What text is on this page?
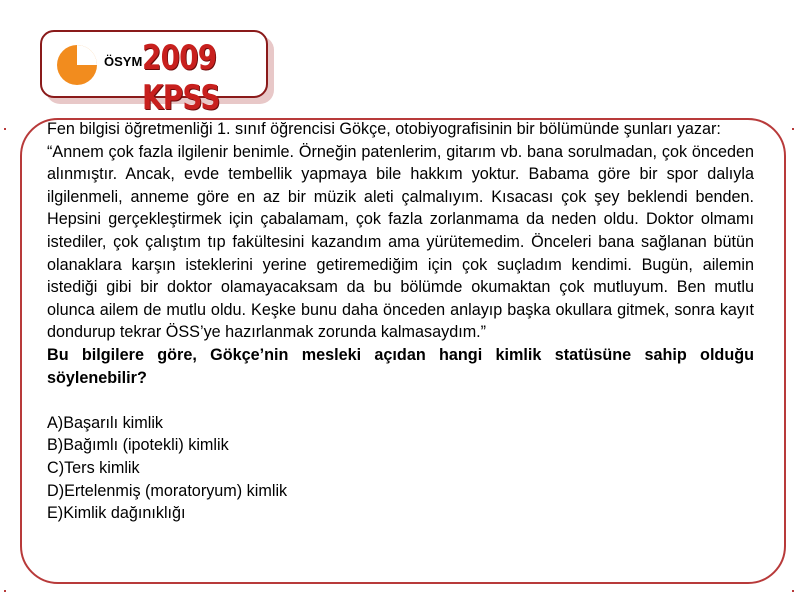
ÖSYM 2009 KPSS

Fen bilgisi öğretmenliği 1. sınıf öğrencisi Gökçe, otobiyografisinin bir bölümünde şunları yazar:

“Annem çok fazla ilgilenir benimle. Örneğin patenlerim, gitarım vb. bana sorulmadan, çok önceden alınmıştır. Ancak, evde tembellik yapmaya bile hakkım yoktur. Babama göre bir spor dalıyla ilgilenmeli, anneme göre en az bir müzik aleti çalmalıyım. Kısacası çok şey beklendi benden. Hepsini gerçekleştirmek için çabalamam, çok fazla zorlanmama da neden oldu. Doktor olmamı istediler, çok çalıştım tıp fakültesini kazandım ama yürütemedim. Önceleri bana sağlanan bütün olanaklara karşın isteklerini yerine getiremediğim için çok suçladım kendimi. Bugün, ailemin istediği gibi bir doktor olamayacaksam da bu bölümde okumaktan çok mutluyum. Ben mutlu olunca ailem de mutlu oldu. Keşke bunu daha önceden anlayıp başka okullara gitmek, sonra kayıt dondurup tekrar ÖSS’ye hazırlanmak zorunda kalmasaydım.”

Bu bilgilere göre, Gökçe’nin mesleki açıdan hangi kimlik statüsüne sahip olduğu söylenebilir?

A)Başarılı kimlik

B)Bağımlı (ipotekli) kimlik

C)Ters kimlik

D)Ertelenmiş (moratoryum) kimlik

E)Kimlik dağınıklığı
